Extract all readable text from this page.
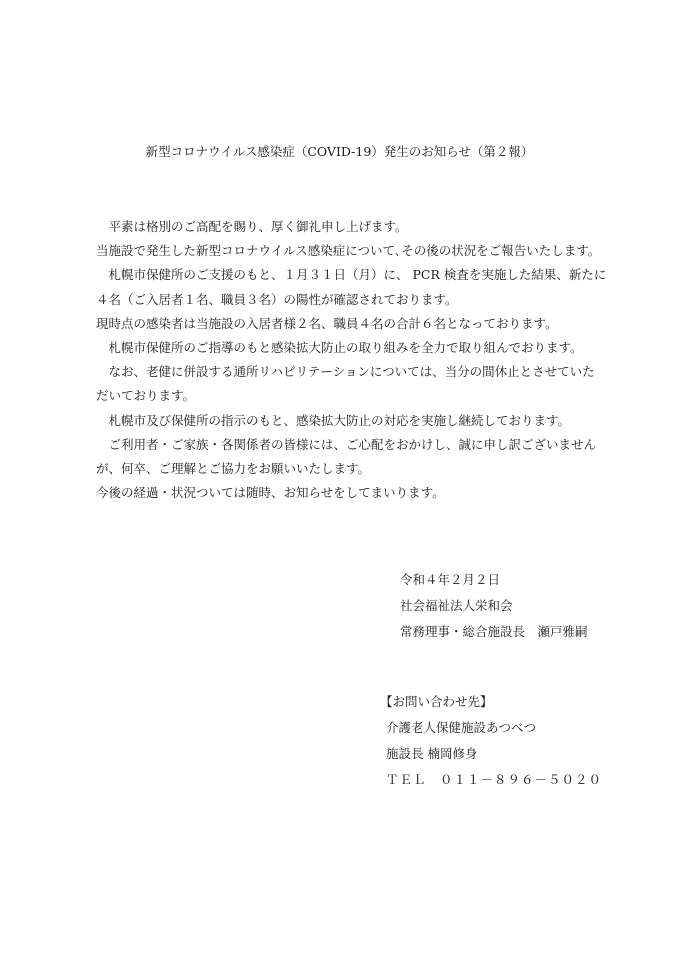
新型コロナウイルス感染症（COVID-19）発生のお知らせ（第２報）
　平素は格別のご高配を賜り、厚く御礼申し上げます。
当施設で発生した新型コロナウイルス感染症について､その後の状況をご報告いたします。
　札幌市保健所のご支援のもと、１月３１日（月）に、 PCR 検査を実施した結果、新たに
４名（ご入居者１名、職員３名）の陽性が確認されております。
現時点の感染者は当施設の入居者様２名、職員４名の合計６名となっております。
　札幌市保健所のご指導のもと感染拡大防止の取り組みを全力で取り組んでおります。
　なお、老健に併設する通所リハビリテーションについては、当分の間休止とさせていた
だいております。
　札幌市及び保健所の指示のもと、感染拡大防止の対応を実施し継続しております。
　ご利用者・ご家族・各関係者の皆様には、ご心配をおかけし、誠に申し訳ございません
が、何卒、ご理解とご協力をお願いいたします。
今後の経過・状況ついては随時、お知らせをしてまいります。
令和４年２月２日
社会福祉法人栄和会
常務理事・総合施設長　瀬戸雅嗣
【お問い合わせ先】
介護老人保健施設あつべつ
施設長 楠岡修身
ＴＥＬ　０１１－８９６－５０２０
